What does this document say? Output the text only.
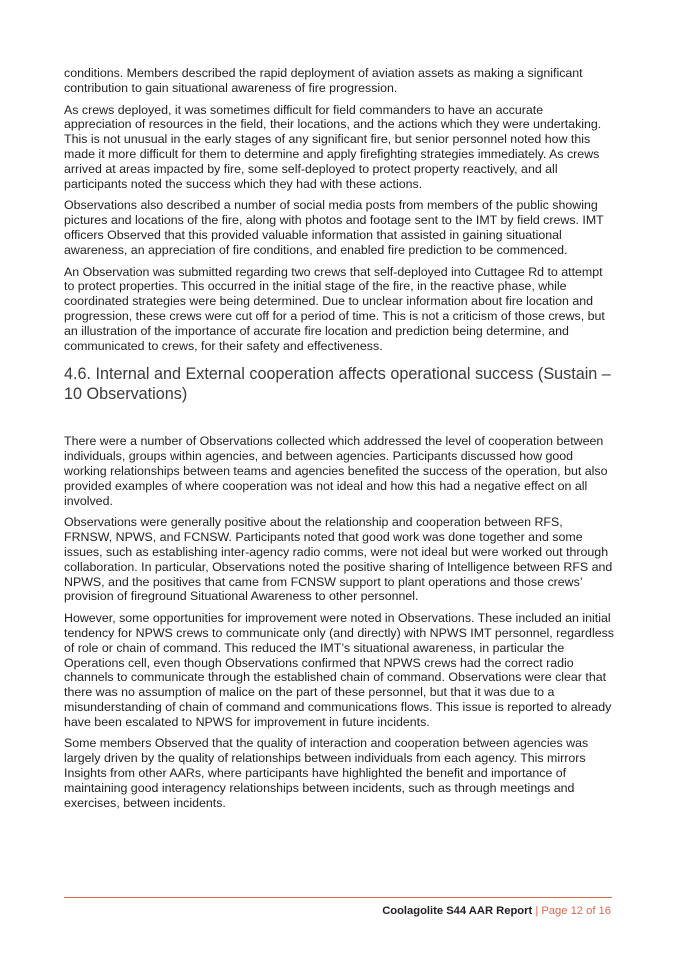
conditions. Members described the rapid deployment of aviation assets as making a significant contribution to gain situational awareness of fire progression.

As crews deployed, it was sometimes difficult for field commanders to have an accurate appreciation of resources in the field, their locations, and the actions which they were undertaking. This is not unusual in the early stages of any significant fire, but senior personnel noted how this made it more difficult for them to determine and apply firefighting strategies immediately. As crews arrived at areas impacted by fire, some self-deployed to protect property reactively, and all participants noted the success which they had with these actions.

Observations also described a number of social media posts from members of the public showing pictures and locations of the fire, along with photos and footage sent to the IMT by field crews. IMT officers Observed that this provided valuable information that assisted in gaining situational awareness, an appreciation of fire conditions, and enabled fire prediction to be commenced.

An Observation was submitted regarding two crews that self-deployed into Cuttagee Rd to attempt to protect properties. This occurred in the initial stage of the fire, in the reactive phase, while coordinated strategies were being determined. Due to unclear information about fire location and progression, these crews were cut off for a period of time. This is not a criticism of those crews, but an illustration of the importance of accurate fire location and prediction being determine, and communicated to crews, for their safety and effectiveness.

4.6. Internal and External cooperation affects operational success (Sustain – 10 Observations)

There were a number of Observations collected which addressed the level of cooperation between individuals, groups within agencies, and between agencies. Participants discussed how good working relationships between teams and agencies benefited the success of the operation, but also provided examples of where cooperation was not ideal and how this had a negative effect on all involved.

Observations were generally positive about the relationship and cooperation between RFS, FRNSW, NPWS, and FCNSW. Participants noted that good work was done together and some issues, such as establishing inter-agency radio comms, were not ideal but were worked out through collaboration. In particular, Observations noted the positive sharing of Intelligence between RFS and NPWS, and the positives that came from FCNSW support to plant operations and those crews’ provision of fireground Situational Awareness to other personnel.

However, some opportunities for improvement were noted in Observations. These included an initial tendency for NPWS crews to communicate only (and directly) with NPWS IMT personnel, regardless of role or chain of command. This reduced the IMT’s situational awareness, in particular the Operations cell, even though Observations confirmed that NPWS crews had the correct radio channels to communicate through the established chain of command. Observations were clear that there was no assumption of malice on the part of these personnel, but that it was due to a misunderstanding of chain of command and communications flows. This issue is reported to already have been escalated to NPWS for improvement in future incidents.

Some members Observed that the quality of interaction and cooperation between agencies was largely driven by the quality of relationships between individuals from each agency. This mirrors Insights from other AARs, where participants have highlighted the benefit and importance of maintaining good interagency relationships between incidents, such as through meetings and exercises, between incidents.

Coolagolite S44 AAR Report | Page 12 of 16
